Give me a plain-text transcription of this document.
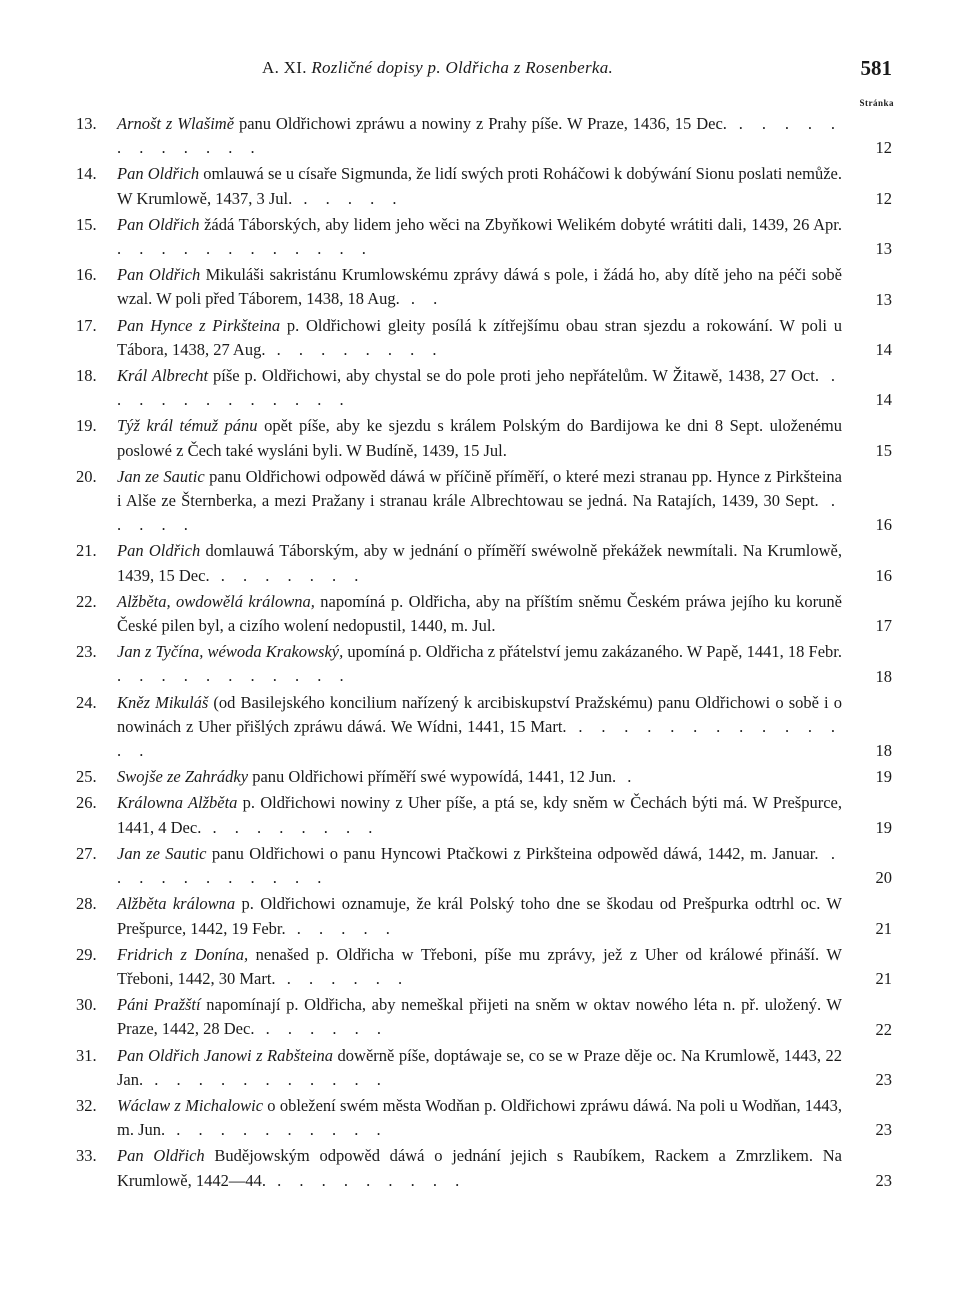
A. XI. Rozličné dopisy p. Oldřicha z Rosenberka.	581
Stránka
13.	Arnošt z Wlašimě panu Oldřichowi zpráwu a nowiny z Prahy píše. W Praze, 1436, 15 Dec. . . . . . . . . . . . .	12
14.	Pan Oldřich omlauwá se u císaře Sigmunda, že lidí swých proti Roháčowi k dobýwání Sionu poslati nemůže. W Krumlowě, 1437, 3 Jul. . . . . .	12
15.	Pan Oldřich žádá Táborských, aby lidem jeho wěci na Zbyňkowi Welikém dobyté wrátiti dali, 1439, 26 Apr. . . . . . . . . . . . .	13
16.	Pan Oldřich Mikuláši sakristánu Krumlowskému zprávy dáwá s pole, i žádá ho, aby dítě jeho na péči sobě wzal. W poli před Táborem, 1438, 18 Aug. . .	13
17.	Pan Hynce z Pirkšteina p. Oldřichowi gleity posílá k zítřejšímu obau stran sjezdu a rokowání. W poli u Tábora, 1438, 27 Aug. . . . . . . . .	14
18.	Král Albrecht píše p. Oldřichowi, aby chystal se do pole proti jeho nepřátelům. W Žitawě, 1438, 27 Oct. . . . . . . . . . . . .	14
19.	Týž král témuž pánu opět píše, aby ke sjezdu s králem Polským do Bardijowa ke dni 8 Sept. uloženému poslowé z Čech také wysláni byli. W Budíně, 1439, 15 Jul.	15
20.	Jan ze Sautic panu Oldřichowi odpowěd dáwá w příčině příměří, o které mezi stranau pp. Hynce z Pirkšteina i Alše ze Šternberka, a mezi Pražany i stranau krále Albrechtowau se jedná. Na Ratajích, 1439, 30 Sept. . . . . .	16
21.	Pan Oldřich domlauwá Táborským, aby w jednání o příměří swéwolně překážek newmítali. Na Krumlowě, 1439, 15 Dec. . . . . . . .	16
22.	Alžběta, owdowělá králowna, napomíná p. Oldřicha, aby na příštím sněmu Českém práwa jejího ku koruně České pilen byl, a cizího wolení nedopustil, 1440, m. Jul.	17
23.	Jan z Tyčína, wéwoda Krakowský, upomíná p. Oldřicha z přátelství jemu zakázaného. W Papě, 1441, 18 Febr. . . . . . . . . . . .	18
24.	Kněz Mikuláš (od Basilejského koncilium nařízený k arcibiskupství Pražskému) panu Oldřichowi o sobě i o nowinách z Uher přišlých zpráwu dáwá. We Wídni, 1441, 15 Mart. . . . . . . . . . . . . . .	18
25.	Swojše ze Zahrádky panu Oldřichowi příměří swé wypowídá, 1441, 12 Jun. .	19
26.	Králowna Alžběta p. Oldřichowi nowiny z Uher píše, a ptá se, kdy sněm w Čechách býti má. W Prešpurce, 1441, 4 Dec. . . . . . . . .	19
27.	Jan ze Sautic panu Oldřichowi o panu Hyncowi Ptačkowi z Pirkšteina odpowěd dáwá, 1442, m. Januar. . . . . . . . . . . .	20
28.	Alžběta králowna p. Oldřichowi oznamuje, že král Polský toho dne se škodau od Prešpurka odtrhl oc. W Prešpurce, 1442, 19 Febr. . . . . .	21
29.	Fridrich z Donína, nenašed p. Oldřicha w Třeboni, píše mu zprávy, jež z Uher od králowé přináší. W Třeboni, 1442, 30 Mart. . . . . . .	21
30.	Páni Pražští napomínají p. Oldřicha, aby nemeškal přijeti na sněm w oktav nowého léta n. př. uložený. W Praze, 1442, 28 Dec. . . . . . .	22
31.	Pan Oldřich Janowi z Rabšteina dowěrně píše, doptáwaje se, co se w Praze děje oc. Na Krumlowě, 1443, 22 Jan. . . . . . . . . . . .	23
32.	Wáclaw z Michalowic o obležení swém města Wodňan p. Oldřichowi zpráwu dáwá. Na poli u Wodňan, 1443, m. Jun. . . . . . . . . . .	23
33.	Pan Oldřich Budějowským odpowěd dáwá o jednání jejich s Raubíkem, Rackem a Zmrzlikem. Na Krumlowě, 1442—44. . . . . . . . . .	23
